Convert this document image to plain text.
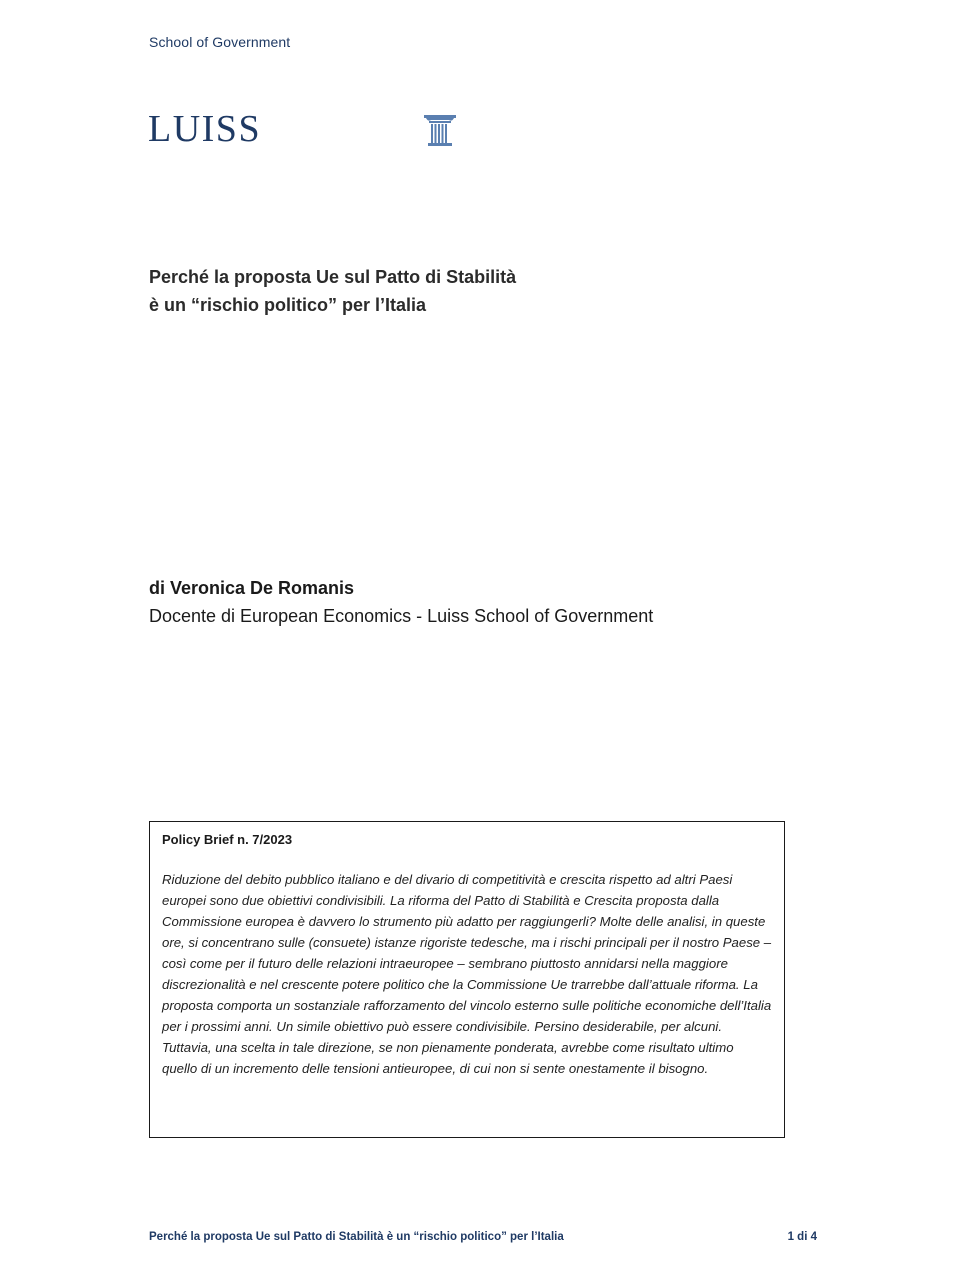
School of Government
LUISS
Perché la proposta Ue sul Patto di Stabilità
è un “rischio politico” per l’Italia
di Veronica De Romanis
Docente di European Economics - Luiss School of Government
Policy Brief n. 7/2023

Riduzione del debito pubblico italiano e del divario di competitività e crescita rispetto ad altri Paesi europei sono due obiettivi condivisibili. La riforma del Patto di Stabilità e Crescita proposta dalla Commissione europea è davvero lo strumento più adatto per raggiungerli? Molte delle analisi, in queste ore, si concentrano sulle (consuete) istanze rigoriste tedesche, ma i rischi principali per il nostro Paese – così come per il futuro delle relazioni intraeuropee – sembrano piuttosto annidarsi nella maggiore discrezionalità e nel crescente potere politico che la Commissione Ue trarrebbe dall’attuale riforma. La proposta comporta un sostanziale rafforzamento del vincolo esterno sulle politiche economiche dell’Italia per i prossimi anni. Un simile obiettivo può essere condivisibile. Persino desiderabile, per alcuni. Tuttavia, una scelta in tale direzione, se non pienamente ponderata, avrebbe come risultato ultimo quello di un incremento delle tensioni antieuropee, di cui non si sente onestamente il bisogno.

Perché la proposta Ue sul Patto di Stabilità è un “rischio politico” per l’Italia	1 di 4
